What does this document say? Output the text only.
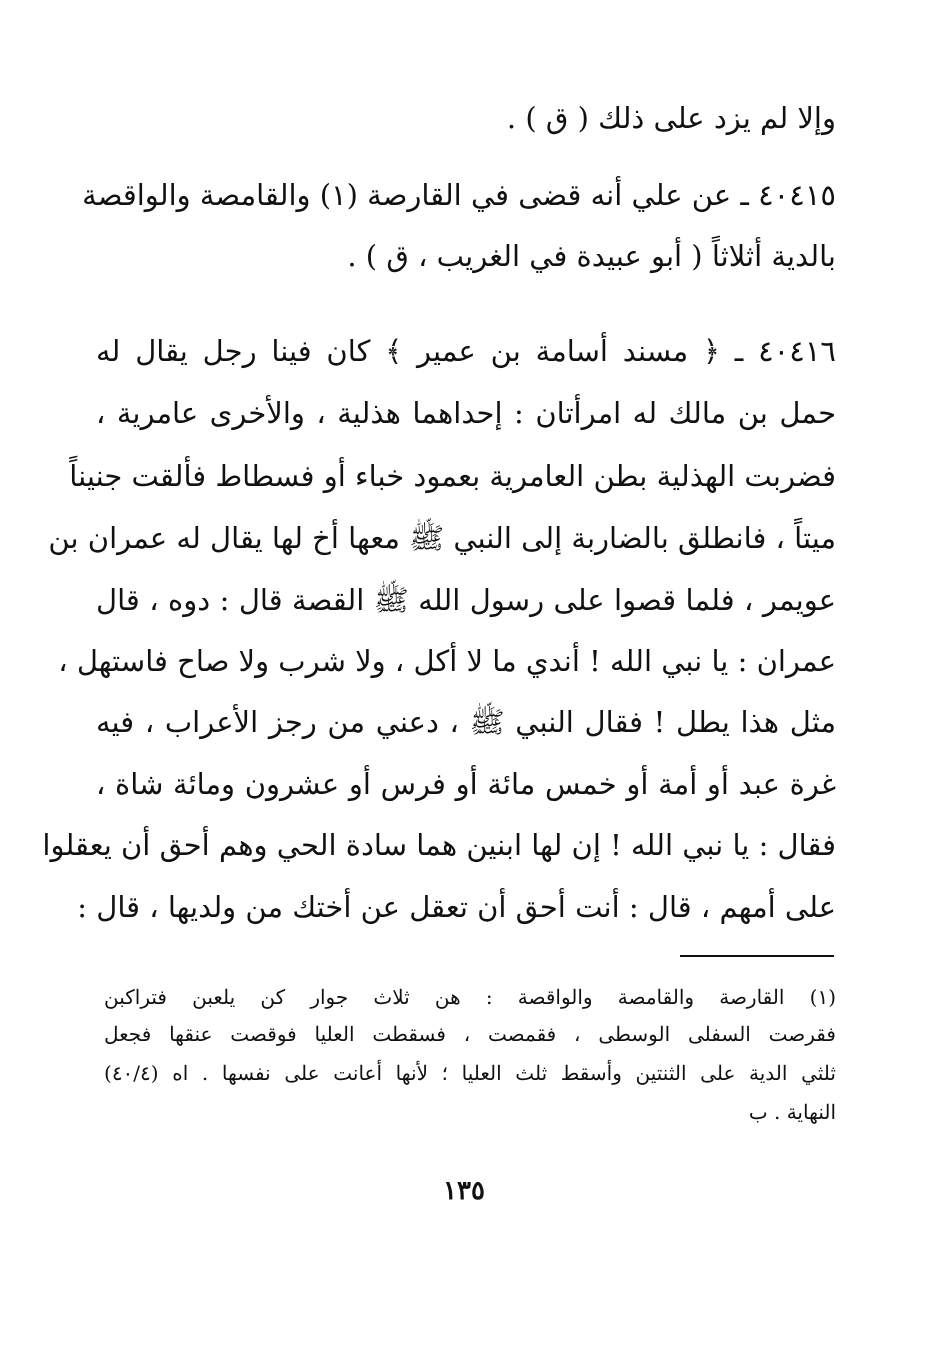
وإلا لم يزد على ذلك ( ق ) .
٤٠٤١٥ ـ عن علي أنه قضى في القارصة (١) والقامصة والواقصة
بالدية أثلاثاً ( أبو عبيدة في الغريب ، ق ) .
٤٠٤١٦ ـ ﴿ مسند أسامة بن عمير ﴾ كان فينا رجل يقال له
حمل بن مالك له امرأتان : إحداهما هذلية ، والأخرى عامرية ،
فضربت الهذلية بطن العامرية بعمود خباء أو فسطاط فألقت جنيناً
ميتاً ، فانطلق بالضاربة إلى النبي ﷺ معها أخ لها يقال له عمران بن
عويمر ، فلما قصوا على رسول الله ﷺ القصة قال : دوه ، قال
عمران : يا نبي الله ! أندي ما لا أكل ، ولا شرب ولا صاح فاستهل ،
مثل هذا يطل ! فقال النبي ﷺ ، دعني من رجز الأعراب ، فيه
غرة عبد أو أمة أو خمس مائة أو فرس أو عشرون ومائة شاة ،
فقال : يا نبي الله ! إن لها ابنين هما سادة الحي وهم أحق أن يعقلوا
على أمهم ، قال : أنت أحق أن تعقل عن أختك من ولديها ، قال :
(١) القارصة والقامصة والواقصة : هن ثلاث جوار كن يلعبن فتراكبن
فقرصت السفلى الوسطى ، فقمصت ، فسقطت العليا فوقصت عنقها فجعل
ثلثي الدية على الثنتين وأسقط ثلث العليا ؛ لأنها أعانت على نفسها . اه (٤٠/٤)
النهاية . ب
١٣٥
